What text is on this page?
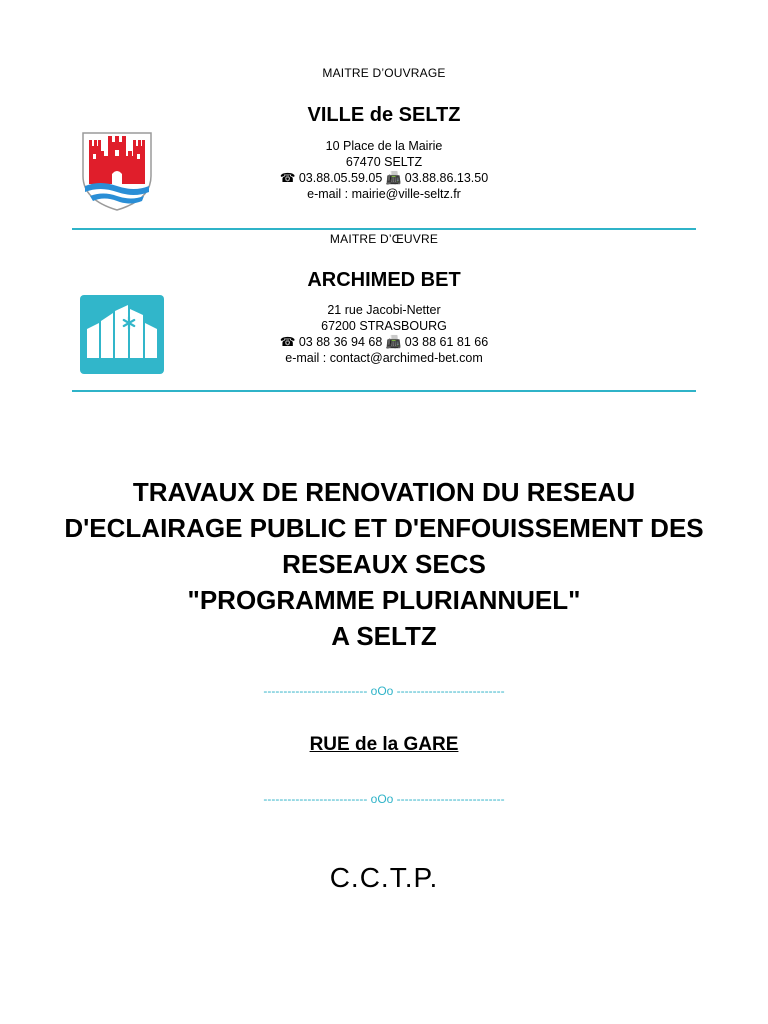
MAITRE D’OUVRAGE
VILLE de SELTZ
10 Place de la Mairie
67470 SELTZ
☎ 03.88.05.59.05 📠 03.88.86.13.50
e-mail : mairie@ville-seltz.fr
MAITRE D’ŒUVRE
ARCHIMED BET
21 rue Jacobi-Netter
67200 STRASBOURG
☎ 03 88 36 94 68 📠 03 88 61 81 66
e-mail : contact@archimed-bet.com
TRAVAUX DE RENOVATION DU RESEAU
D'ECLAIRAGE PUBLIC ET D'ENFOUISSEMENT DES
RESEAUX SECS
"PROGRAMME PLURIANNUEL"
A SELTZ
-------------------------- oOo ---------------------------
RUE de la GARE
-------------------------- oOo ---------------------------
C.C.T.P.
